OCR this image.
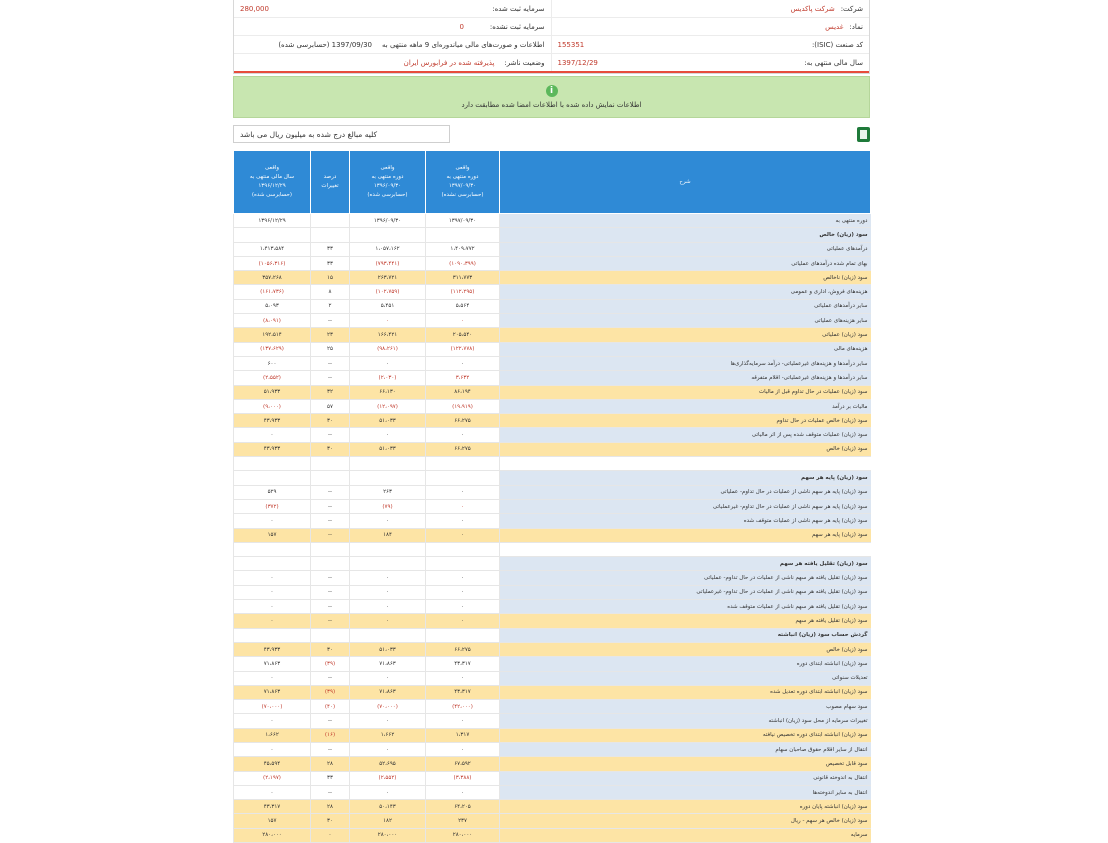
شرکت:
شرکت پاکدیس
سرمایه ثبت شده:
280,000
نماد:
غدیس
سرمایه ثبت نشده:
0
کد صنعت (ISIC):
155351
اطلاعات و صورت‌های مالی میاندوره‌ای 9 ماهه منتهی به
1397/09/30 (حسابرسی شده)
سال مالی منتهی به:
1397/12/29
وضعیت ناشر:
پذیرفته شده در فرابورس ایران
i
اطلاعات نمایش داده شده با اطلاعات امضا شده مطابقت دارد
کلیه مبالغ درج شده به میلیون ریال می باشد
شرح	واقعی
دوره منتهی به
۱۳۹۷/۰۹/۳۰
(حسابرسی نشده)	واقعی
دوره منتهی به
۱۳۹۶/۰۹/۳۰
(حسابرسی شده)	درصد
تغییرات	واقعی
سال مالی منتهی به
۱۳۹۶/۱۲/۲۹
(حسابرسی شده)
دوره منتهی به	۱۳۹۷/۰۹/۳۰	۱۳۹۶/۰۹/۳۰		۱۳۹۶/۱۲/۲۹
سود (زیان) خالص				
درآمدهای عملیاتی	۱،۴۰۹،۷۷۲	۱،۰۵۷،۱۶۲	۳۳	۱،۴۱۳،۵۸۴
بهای تمام شده درآمدهای عملیاتی	(۱۰۹۰،۳۹۹)	(۷۹۳،۴۴۱)	۳۳	(۱۰۵۶،۳۱۶)
سود (زیان) ناخالص	۳۱۱،۷۷۳	۲۶۳،۷۲۱	۱۵	۳۵۷،۲۶۸
هزینه‌های فروش، اداری و عمومی	(۱۱۲،۲۹۵)	(۱۰۲،۷۵۹)	۸	(۱۶۱،۷۳۶)
سایر درآمدهای عملیاتی	۵،۵۶۴	۵،۴۵۱	۲	۵،۰۹۳
سایر هزینه‌های عملیاتی	۰	۰	--	(۸،۰۹۱)
سود (زیان) عملیاتی	۲۰۵،۵۴۰	۱۶۶،۴۲۱	۲۳	۱۹۲،۵۱۴
هزینه‌های مالی	(۱۲۲،۷۷۸)	(۹۸،۲۶۱)	۲۵	(۱۳۷،۶۲۹)
سایر درآمدها و هزینه‌های غیرعملیاتی- درآمد سرمایه‌گذاری‌ها	۰	۰	--	۶۰۰
سایر درآمدها و هزینه‌های غیرعملیاتی- اقلام متفرقه	۳،۶۳۲	(۲،۰۳۰)	--	(۲،۵۵۲)
سود (زیان) عملیات در حال تداوم قبل از مالیات	۸۶،۱۹۴	۶۶،۱۳۰	۳۲	۵۱،۹۳۳
مالیات بر درآمد	(۱۹،۹۱۹)	(۱۲،۰۹۷)	۵۷	(۹،۰۰۰)
سود (زیان) خالص عملیات در حال تداوم	۶۶،۲۷۵	۵۱،۰۳۳	۳۰	۴۳،۹۳۳
سود (زیان) عملیات متوقف شده پس از اثر مالیاتی	۰	۰	--	۰
سود (زیان) خالص	۶۶،۲۷۵	۵۱،۰۳۳	۳۰	۴۳،۹۳۳

سود (زیان) پایه هر سهم				
سود (زیان) پایه هر سهم ناشی از عملیات در حال تداوم- عملیاتی	۰	۲۶۳	--	۵۲۹
سود (زیان) پایه هر سهم ناشی از عملیات در حال تداوم- غیرعملیاتی	۰	(۷۹)	--	(۳۷۲)
سود (زیان) پایه هر سهم ناشی از عملیات متوقف شده	۰	۰	--	۰
سود (زیان) پایه هر سهم	۰	۱۸۴	--	۱۵۷

سود (زیان) تقلیل یافته هر سهم				
سود (زیان) تقلیل یافته هر سهم ناشی از عملیات در حال تداوم- عملیاتی	۰	۰	--	۰
سود (زیان) تقلیل یافته هر سهم ناشی از عملیات در حال تداوم- غیرعملیاتی	۰	۰	--	۰
سود (زیان) تقلیل یافته هر سهم ناشی از عملیات متوقف شده	۰	۰	--	۰
سود (زیان) تقلیل یافته هر سهم	۰	۰	--	۰
گردش حساب سود (زیان) انباشته				
سود (زیان) خالص	۶۶،۲۷۵	۵۱،۰۳۳	۳۰	۴۳،۹۳۳
سود (زیان) انباشته ابتدای دوره	۴۳،۳۱۷	۷۱،۸۶۳	(۳۹)	۷۱،۸۶۳
تعدیلات سنواتی	۰	۰	--	۰
سود (زیان) انباشته ابتدای دوره تعدیل شده	۴۳،۳۱۷	۷۱،۸۶۳	(۳۹)	۷۱،۸۶۳
سود سهام مصوب	(۴۲،۰۰۰)	(۷۰،۰۰۰)	(۴۰)	(۷۰،۰۰۰)
تغییرات سرمایه از محل سود (زیان) انباشته	۰	۰	--	۰
سود (زیان) انباشته ابتدای دوره تخصیص نیافته	۱،۳۱۷	۱،۶۶۲	(۱۶)	۱،۶۶۲
انتقال از سایر اقلام حقوق صاحبان سهام	۰	۰	--	۰
سود قابل تخصیص	۶۷،۵۹۲	۵۲،۶۹۵	۲۸	۴۵،۵۹۴
انتقال به اندوخته قانونی	(۳،۳۸۸)	(۲،۵۵۲)	۳۳	(۲،۱۹۷)
انتقال به سایر اندوخته‌ها	۰	۰	--	۰
سود (زیان) انباشته پایان دوره	۶۴،۲۰۵	۵۰،۱۴۳	۲۸	۴۳،۳۱۷
سود (زیان) خالص هر سهم - ریال	۲۳۷	۱۸۲	۳۰	۱۵۷
سرمایه	۲۸۰،۰۰۰	۲۸۰،۰۰۰	۰	۲۸۰،۰۰۰
